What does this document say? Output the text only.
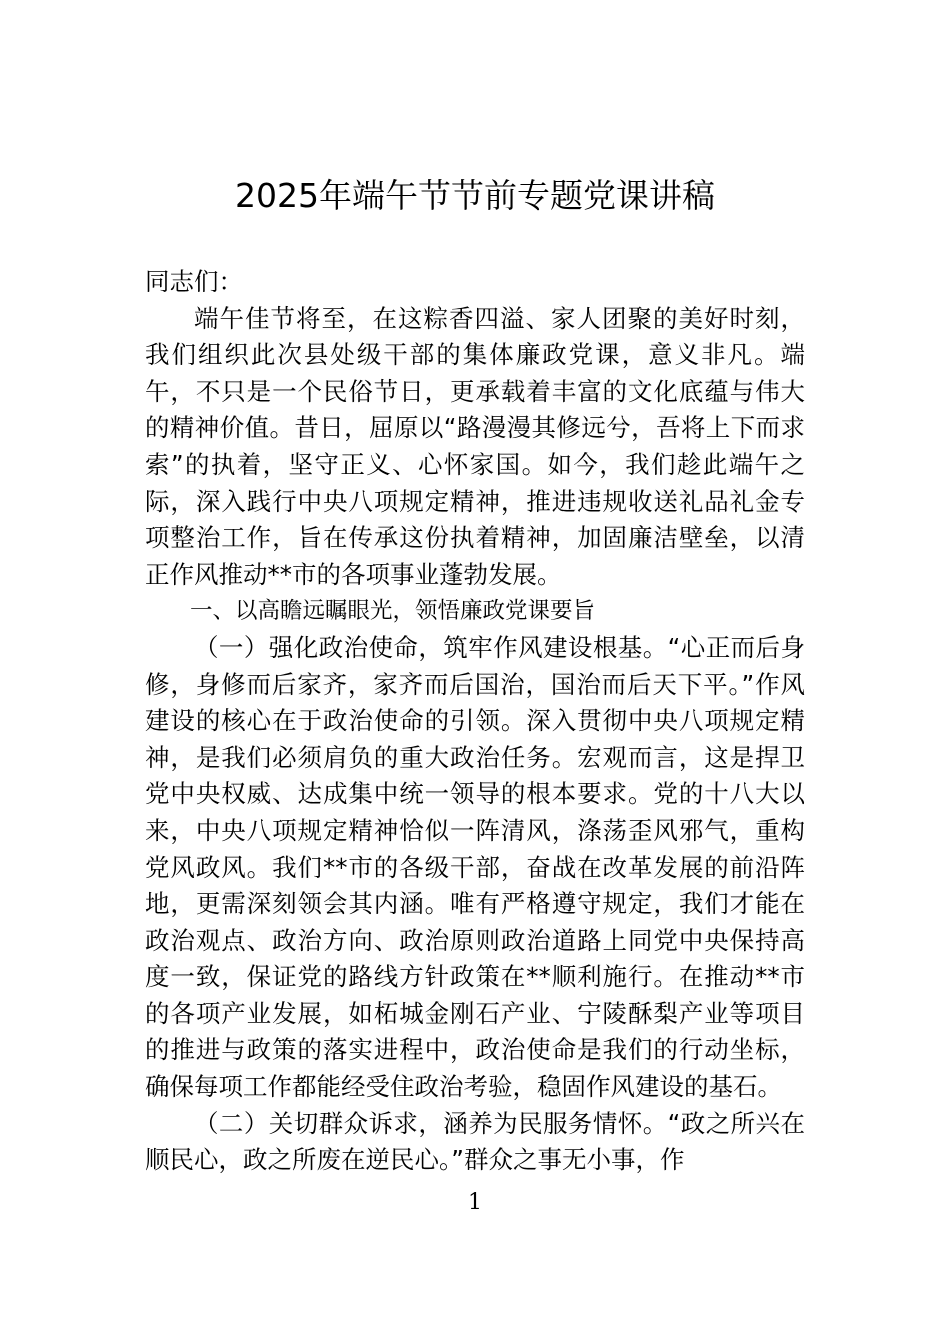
2025年端午节节前专题党课讲稿

同志们：

端午佳节将至，在这粽香四溢、家人团聚的美好时刻，我们组织此次县处级干部的集体廉政党课，意义非凡。端午，不只是一个民俗节日，更承载着丰富的文化底蕴与伟大的精神价值。昔日，屈原以“路漫漫其修远兮，吾将上下而求索”的执着，坚守正义、心怀家国。如今，我们趁此端午之际，深入践行中央八项规定精神，推进违规收送礼品礼金专项整治工作，旨在传承这份执着精神，加固廉洁壁垒，以清正作风推动**市的各项事业蓬勃发展。

一、以高瞻远瞩眼光，领悟廉政党课要旨

（一）强化政治使命，筑牢作风建设根基。“心正而后身修，身修而后家齐，家齐而后国治，国治而后天下平。”作风建设的核心在于政治使命的引领。深入贯彻中央八项规定精神，是我们必须肩负的重大政治任务。宏观而言，这是捍卫党中央权威、达成集中统一领导的根本要求。党的十八大以来，中央八项规定精神恰似一阵清风，涤荡歪风邪气，重构党风政风。我们**市的各级干部，奋战在改革发展的前沿阵地，更需深刻领会其内涵。唯有严格遵守规定，我们才能在政治观点、政治方向、政治原则政治道路上同党中央保持高度一致，保证党的路线方针政策在**顺利施行。在推动**市的各项产业发展，如柘城金刚石产业、宁陵酥梨产业等项目的推进与政策的落实进程中，政治使命是我们的行动坐标，确保每项工作都能经受住政治考验，稳固作风建设的基石。

（二）关切群众诉求，涵养为民服务情怀。“政之所兴在顺民心，政之所废在逆民心。”群众之事无小事，作

1
